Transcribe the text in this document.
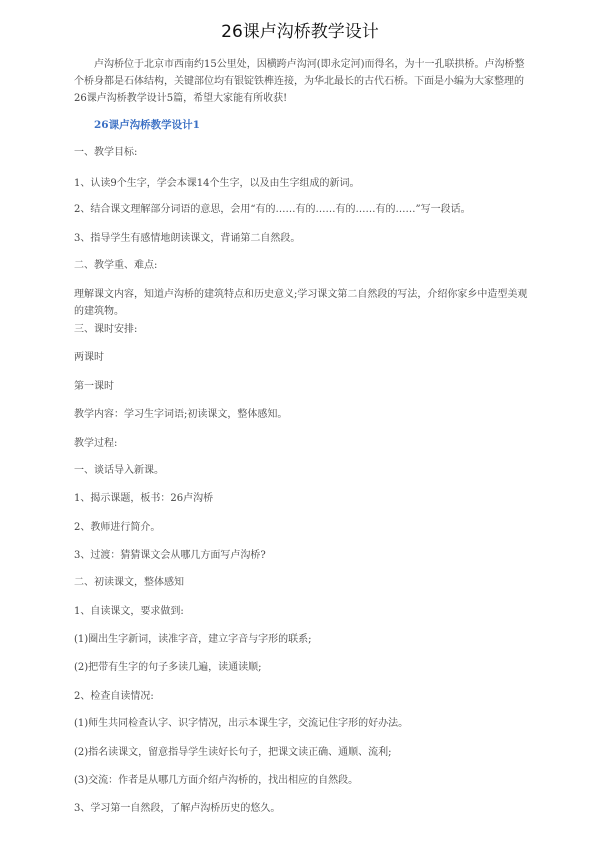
26课卢沟桥教学设计

卢沟桥位于北京市西南约15公里处，因横跨卢沟河(即永定河)而得名，为十一孔联拱桥。卢沟桥整个桥身都是石体结构，关键部位均有银锭铁榫连接，为华北最长的古代石桥。下面是小编为大家整理的26课卢沟桥教学设计5篇，希望大家能有所收获!

26课卢沟桥教学设计1

一、教学目标:

1、认读9个生字，学会本课14个生字，以及由生字组成的新词。

2、结合课文理解部分词语的意思，会用“有的……有的……有的……有的……”写一段话。

3、指导学生有感情地朗读课文，背诵第二自然段。

二、教学重、难点:

理解课文内容，知道卢沟桥的建筑特点和历史意义;学习课文第二自然段的写法，介绍你家乡中造型美观的建筑物。

三、课时安排:

两课时

第一课时

教学内容：学习生字词语;初读课文，整体感知。

教学过程:

一、谈话导入新课。

1、揭示课题，板书：26卢沟桥

2、教师进行简介。

3、过渡：猜猜课文会从哪几方面写卢沟桥?

二、初读课文，整体感知

1、自读课文，要求做到:

(1)圈出生字新词，读准字音，建立字音与字形的联系;

(2)把带有生字的句子多读几遍，读通读顺;

2、检查自读情况:

(1)师生共同检查认字、识字情况，出示本课生字，交流记住字形的好办法。

(2)指名读课文，留意指导学生读好长句子，把课文读正确、通顺、流利;

(3)交流：作者是从哪几方面介绍卢沟桥的，找出相应的自然段。

3、学习第一自然段，了解卢沟桥历史的悠久。
